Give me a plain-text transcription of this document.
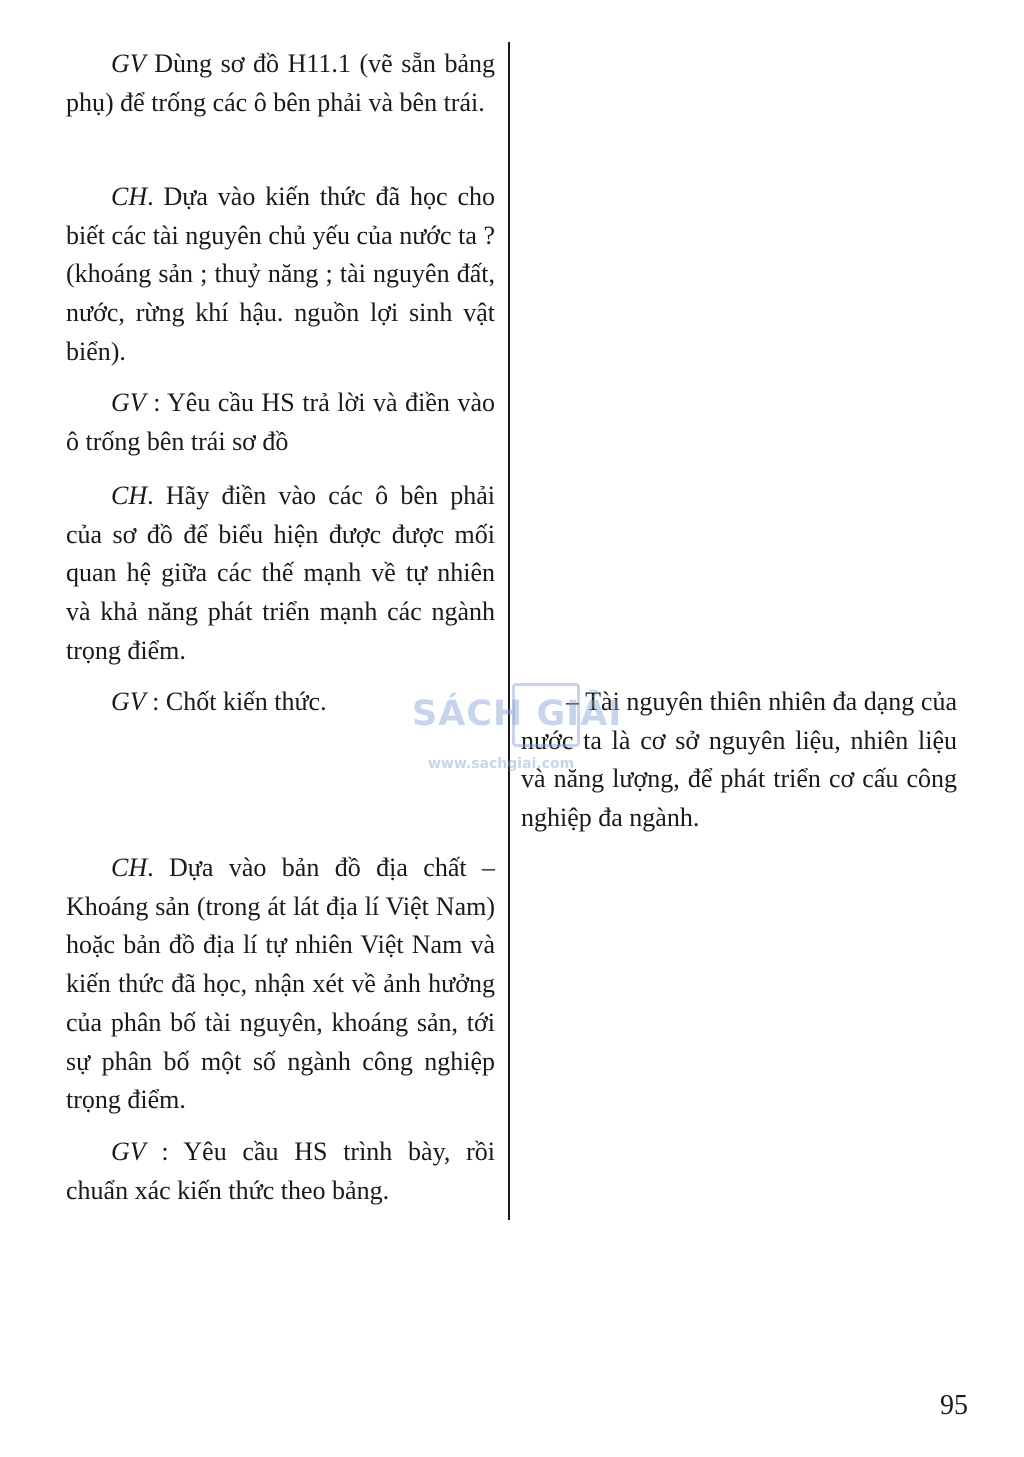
GV Dùng sơ đồ H11.1 (vẽ sẵn bảng phụ) để trống các ô bên phải và bên trái.

CH. Dựa vào kiến thức đã học cho biết các tài nguyên chủ yếu của nước ta ? (khoáng sản ; thuỷ năng ; tài nguyên đất, nước, rừng khí hậu. nguồn lợi sinh vật biển).

GV : Yêu cầu HS trả lời và điền vào ô trống bên trái sơ đồ

CH. Hãy điền vào các ô bên phải của sơ đồ để biểu hiện được được mối quan hệ giữa các thế mạnh về tự nhiên và khả năng phát triển mạnh các ngành trọng điểm.

GV : Chốt kiến thức.

CH. Dựa vào bản đồ địa chất – Khoáng sản (trong át lát địa lí Việt Nam) hoặc bản đồ địa lí tự nhiên Việt Nam và kiến thức đã học, nhận xét về ảnh hưởng của phân bố tài nguyên, khoáng sản, tới sự phân bố một số ngành công nghiệp trọng điểm.

GV : Yêu cầu HS trình bày, rồi chuẩn xác kiến thức theo bảng.

– Tài nguyên thiên nhiên đa dạng của nước ta là cơ sở nguyên liệu, nhiên liệu và năng lượng, để phát triển cơ cấu công nghiệp đa ngành.

SÁCH GIẢI
www.sachgiai.com
95
